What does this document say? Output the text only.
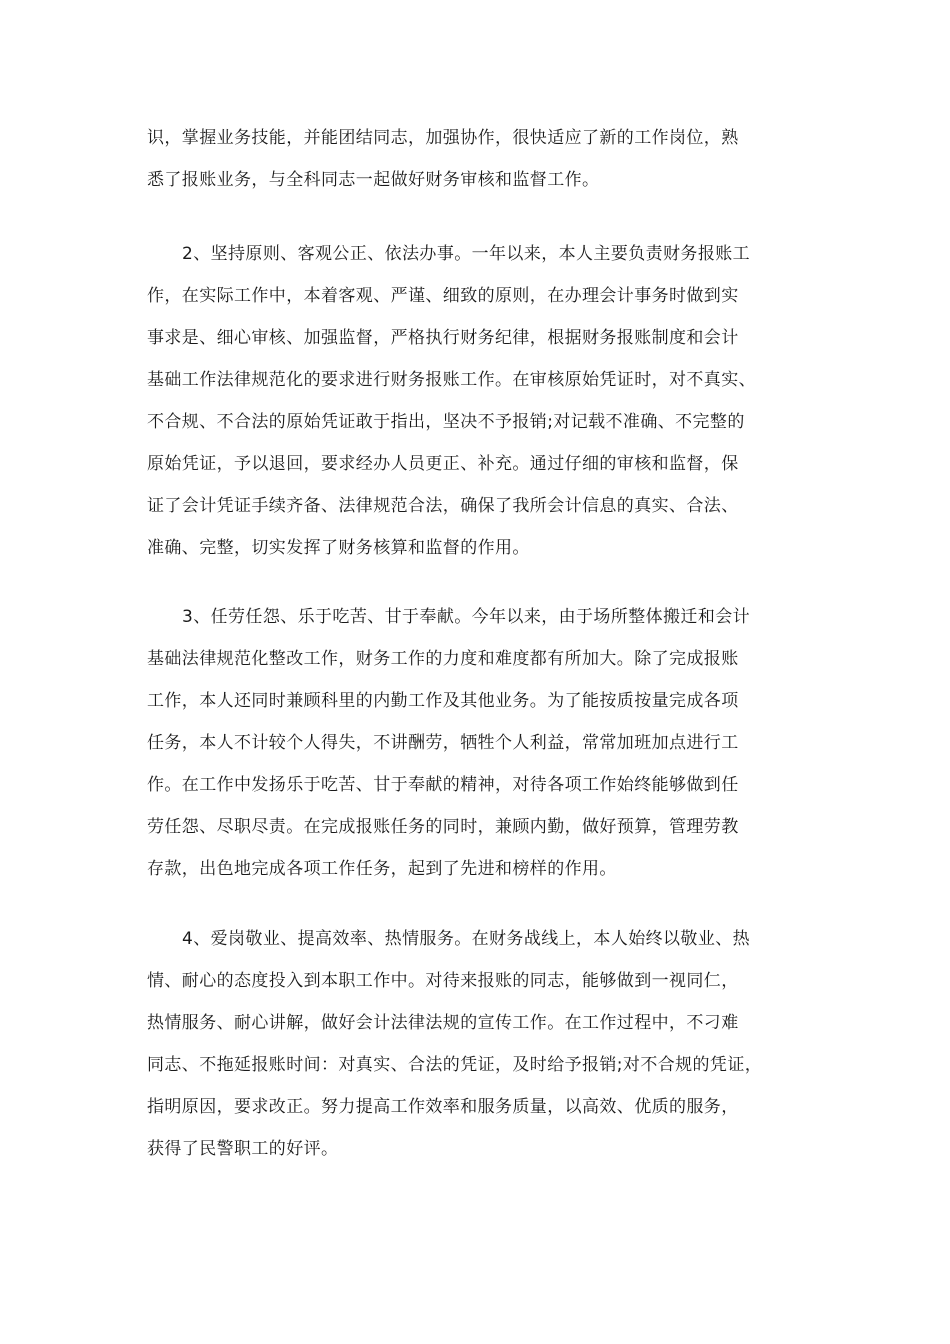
识，掌握业务技能，并能团结同志，加强协作，很快适应了新的工作岗位，熟
悉了报账业务，与全科同志一起做好财务审核和监督工作。
2、坚持原则、客观公正、依法办事。一年以来，本人主要负责财务报账工
作，在实际工作中，本着客观、严谨、细致的原则，在办理会计事务时做到实
事求是、细心审核、加强监督，严格执行财务纪律，根据财务报账制度和会计
基础工作法律规范化的要求进行财务报账工作。在审核原始凭证时，对不真实、
不合规、不合法的原始凭证敢于指出，坚决不予报销;对记载不准确、不完整的
原始凭证，予以退回，要求经办人员更正、补充。通过仔细的审核和监督，保
证了会计凭证手续齐备、法律规范合法，确保了我所会计信息的真实、合法、
准确、完整，切实发挥了财务核算和监督的作用。
3、任劳任怨、乐于吃苦、甘于奉献。今年以来，由于场所整体搬迁和会计
基础法律规范化整改工作，财务工作的力度和难度都有所加大。除了完成报账
工作，本人还同时兼顾科里的内勤工作及其他业务。为了能按质按量完成各项
任务，本人不计较个人得失，不讲酬劳，牺牲个人利益，常常加班加点进行工
作。在工作中发扬乐于吃苦、甘于奉献的精神，对待各项工作始终能够做到任
劳任怨、尽职尽责。在完成报账任务的同时，兼顾内勤，做好预算，管理劳教
存款，出色地完成各项工作任务，起到了先进和榜样的作用。
4、爱岗敬业、提高效率、热情服务。在财务战线上，本人始终以敬业、热
情、耐心的态度投入到本职工作中。对待来报账的同志，能够做到一视同仁，
热情服务、耐心讲解，做好会计法律法规的宣传工作。在工作过程中，不刁难
同志、不拖延报账时间：对真实、合法的凭证，及时给予报销;对不合规的凭证，
指明原因，要求改正。努力提高工作效率和服务质量，以高效、优质的服务，
获得了民警职工的好评。
